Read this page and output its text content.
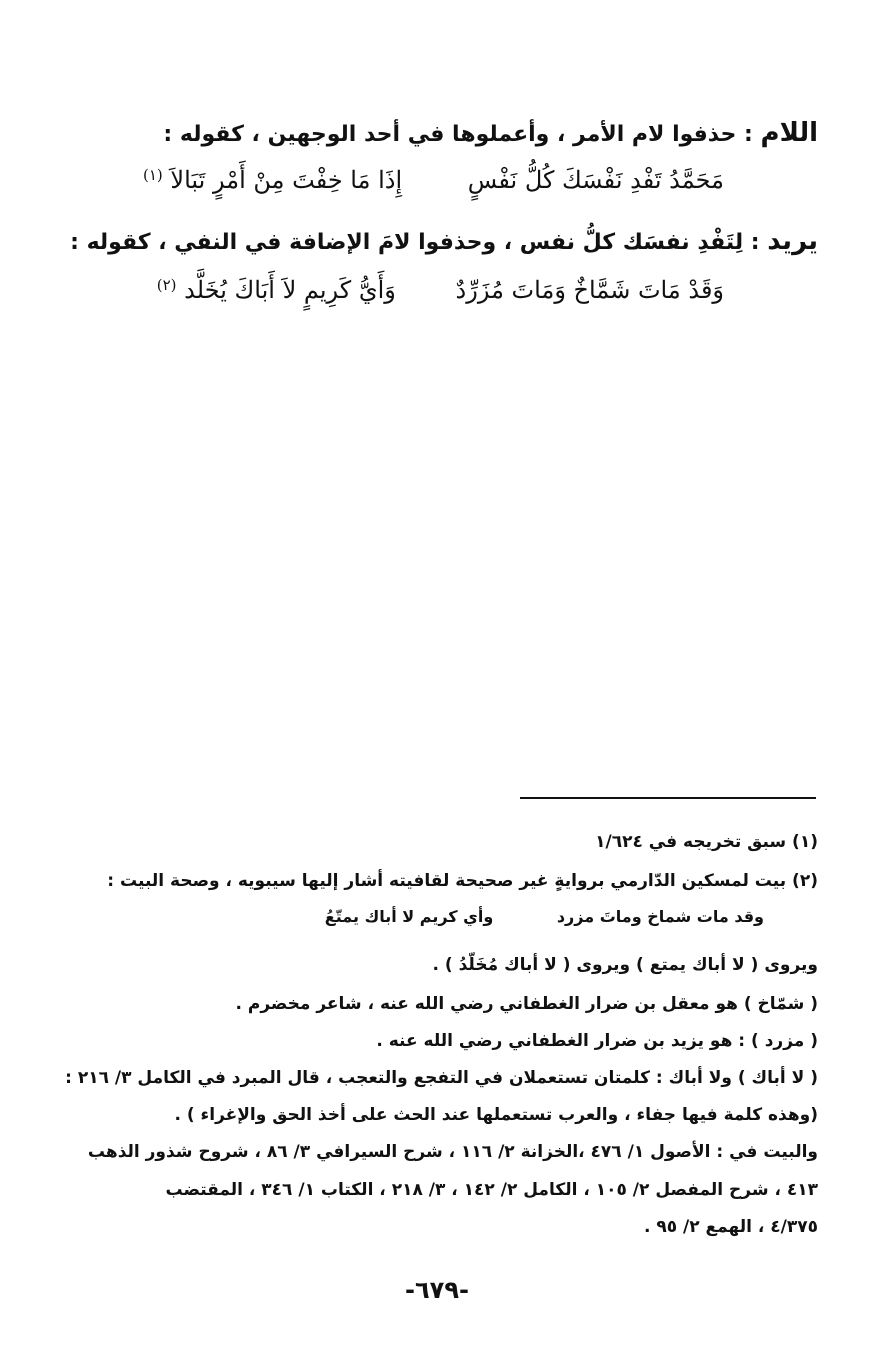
اللام : حذفوا لام الأمر ، وأعملوها في أحد الوجهين ، كقوله :
مَحَمَّدُ تَفْدِ نَفْسَكَ كُلُّ نَفْسٍ إِذَا مَا خِفْتَ مِنْ أَمْرٍ تَبَالاَ $^{(١)}$
يريد : لِتَفْدِ نفسَك كلُّ نفس ، وحذفوا لامَ الإضافة في النفي ، كقوله :
وَقَدْ مَاتَ شَمَّاخٌ وَمَاتَ مُزَرِّدٌ وَأَيُّ كَرِيمٍ لاَ أَبَاكَ يُخَلَّد $^{(٢)}$
(١) سبق تخريجه في ١/٦٢٤
(٢) بيت لمسكين الدّارمي بروايةٍ غير صحيحة لقافيته أشار إليها سيبويه ، وصحة البيت :
وقد مات شماخ وماتَ مزرد وأي كريم لا أباك يمتّعُ
ويروى ( لا أباك يمتع ) ويروى ( لا أباك مُخَلّدُ ) .
( شمّاخ ) هو معقل بن ضرار الغطفاني رضي الله عنه ، شاعر مخضرم .
( مزرد ) : هو يزيد بن ضرار الغطفاني رضي الله عنه .
( لا أباك ) ولا أباك : كلمتان تستعملان في التفجع والتعجب ، قال المبرد في الكامل ٣/ ٢١٦ :
(وهذه كلمة فيها جفاء ، والعرب تستعملها عند الحث على أخذ الحق والإغراء ) .
والبيت في : الأصول ١/ ٤٧٦ ،الخزانة ٢/ ١١٦ ، شرح السيرافي ٣/ ٨٦ ، شروح شذور الذهب
٤١٣ ، شرح المفصل ٢/ ١٠٥ ، الكامل ٢/ ١٤٢ ، ٣/ ٢١٨ ، الكتاب ١/ ٣٤٦ ، المقتضب
٤/٣٧٥ ، الهمع ٢/ ٩٥ .
-٦٧٩-
